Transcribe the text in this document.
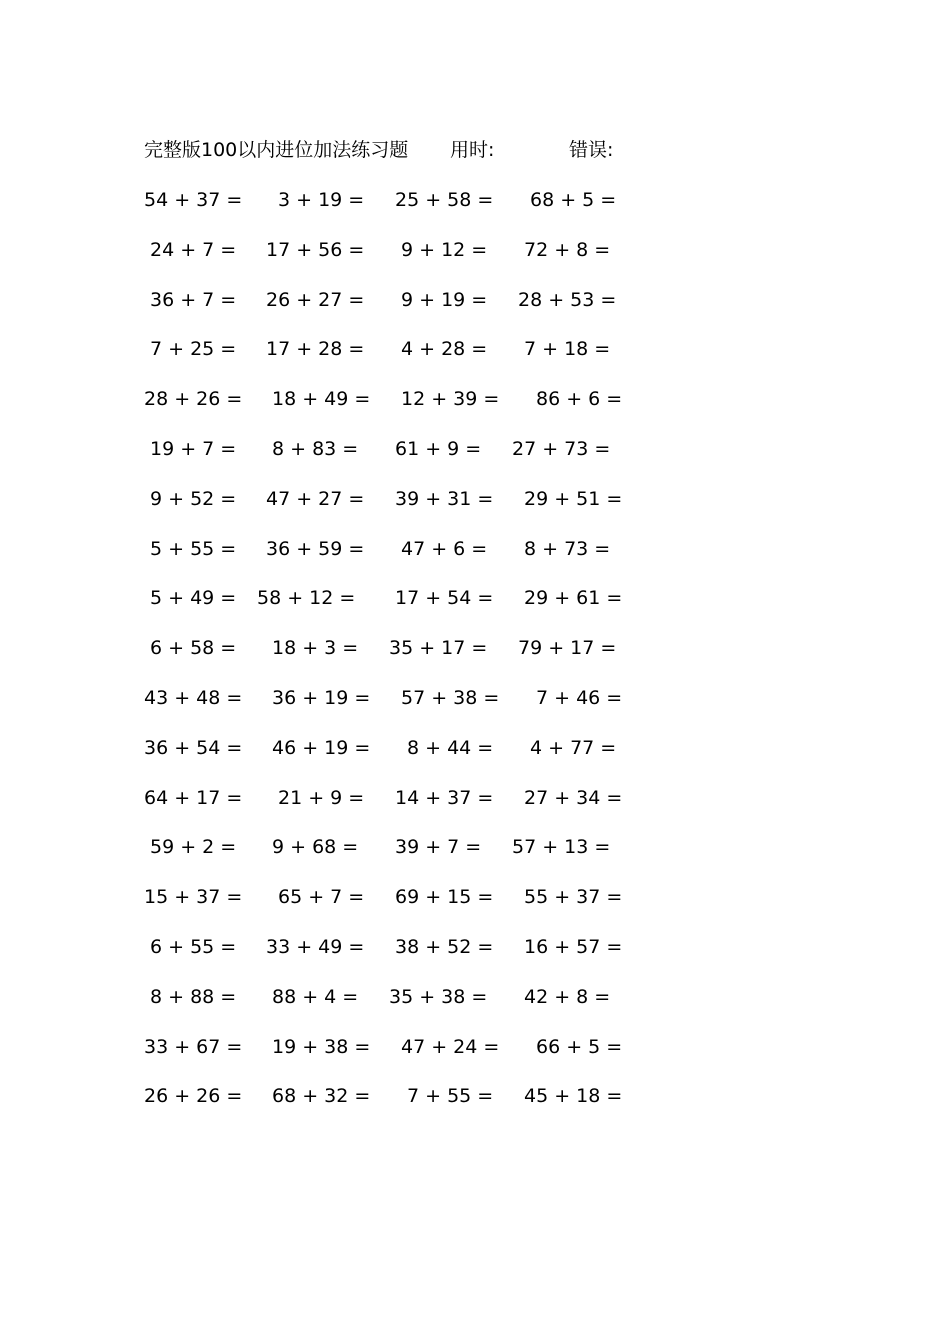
完整版100以内进位加法练习题 用时:	错误:
54 + 37 = 3 + 19 = 25 + 58 = 68 + 5 =
24 + 7 = 17 + 56 = 9 + 12 = 72 + 8 =
36 + 7 = 26 + 27 = 9 + 19 = 28 + 53 =
7 + 25 = 17 + 28 = 4 + 28 = 7 + 18 =
28 + 26 = 18 + 49 = 12 + 39 = 86 + 6 =
19 + 7 = 8 + 83 = 61 + 9 = 27 + 73 =
9 + 52 = 47 + 27 = 39 + 31 = 29 + 51 =
5 + 55 = 36 + 59 = 47 + 6 = 8 + 73 =
5 + 49 = 58 + 12 = 17 + 54 = 29 + 61 =
6 + 58 = 18 + 3 = 35 + 17 = 79 + 17 =
43 + 48 = 36 + 19 = 57 + 38 = 7 + 46 =
36 + 54 = 46 + 19 = 8 + 44 = 4 + 77 =
64 + 17 = 21 + 9 = 14 + 37 = 27 + 34 =
59 + 2 = 9 + 68 = 39 + 7 = 57 + 13 =
15 + 37 = 65 + 7 = 69 + 15 = 55 + 37 =
6 + 55 = 33 + 49 = 38 + 52 = 16 + 57 =
8 + 88 = 88 + 4 = 35 + 38 = 42 + 8 =
33 + 67 = 19 + 38 = 47 + 24 = 66 + 5 =
26 + 26 = 68 + 32 = 7 + 55 = 45 + 18 =
